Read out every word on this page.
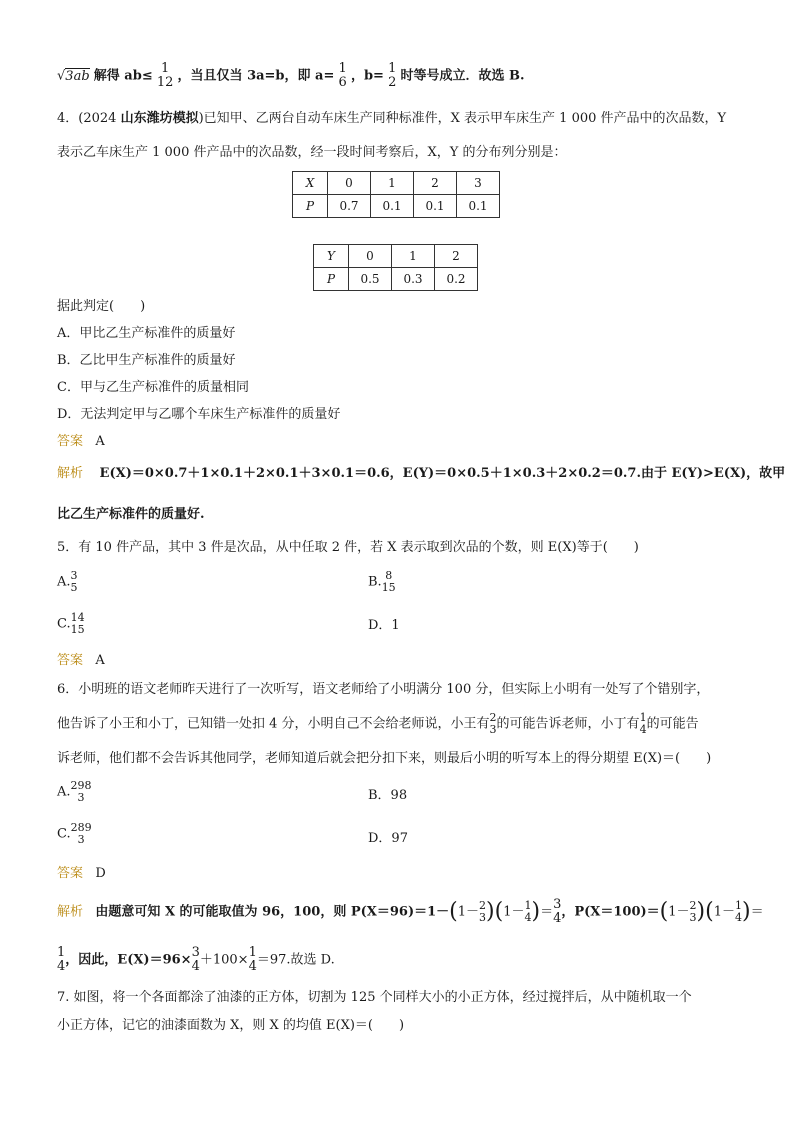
√3ab 解得 ab≤ 1
12 ，当且仅当 3a=b，即 a= 1
6 ，b= 1
2 时等号成立．故选 B.
4．(2024 山东潍坊模拟)已知甲、乙两台自动车床生产同种标准件，X 表示甲车床生产 1 000 件产品中的次品数，Y
表示乙车床生产 1 000 件产品中的次品数，经一段时间考察后，X，Y 的分布列分别是：
X	0	1	2	3
P	0.7	0.1	0.1	0.1
Y	0	1	2
P	0.5	0.3	0.2
据此判定(　　)
A．甲比乙生产标准件的质量好
B．乙比甲生产标准件的质量好
C．甲与乙生产标准件的质量相同
D．无法判定甲与乙哪个车床生产标准件的质量好
答案 A
解析 E(X)＝0×0.7＋1×0.1＋2×0.1＋3×0.1＝0.6，E(Y)＝0×0.5＋1×0.3＋2×0.2＝0.7.由于 E(Y)>E(X)，故甲
比乙生产标准件的质量好.
5．有 10 件产品，其中 3 件是次品，从中任取 2 件，若 X 表示取到次品的个数，则 E(X)等于(　　)
A. 3
5	B. 8
15
C. 14
15	D．1
答案 A
6．小明班的语文老师昨天进行了一次听写，语文老师给了小明满分 100 分，但实际上小明有一处写了个错别字，
他告诉了小王和小丁，已知错一处扣 4 分，小明自己不会给老师说，小王有 2
3 的可能告诉老师，小丁有 1
4 的可能告
诉老师，他们都不会告诉其他同学，老师知道后就会把分扣下来，则最后小明的听写本上的得分期望 E(X)＝(　　)
A. 298
3	B．98
C. 289
3	D．97
答案 D
解析 由题意可知 X 的可能取值为 96，100，则 P(X＝96)＝1－(1－ 2
3 )(1－ 1
4 )＝ 3
4 ，P(X＝100)＝(1－ 2
3 )(1－ 1
4 )＝
1
4 ，因此，E(X)＝96× 3
4 ＋100× 1
4 ＝97.故选 D.
7. 如图，将一个各面都涂了油漆的正方体，切割为 125 个同样大小的小正方体，经过搅拌后，从中随机取一个
小正方体，记它的油漆面数为 X，则 X 的均值 E(X)＝(　　)
